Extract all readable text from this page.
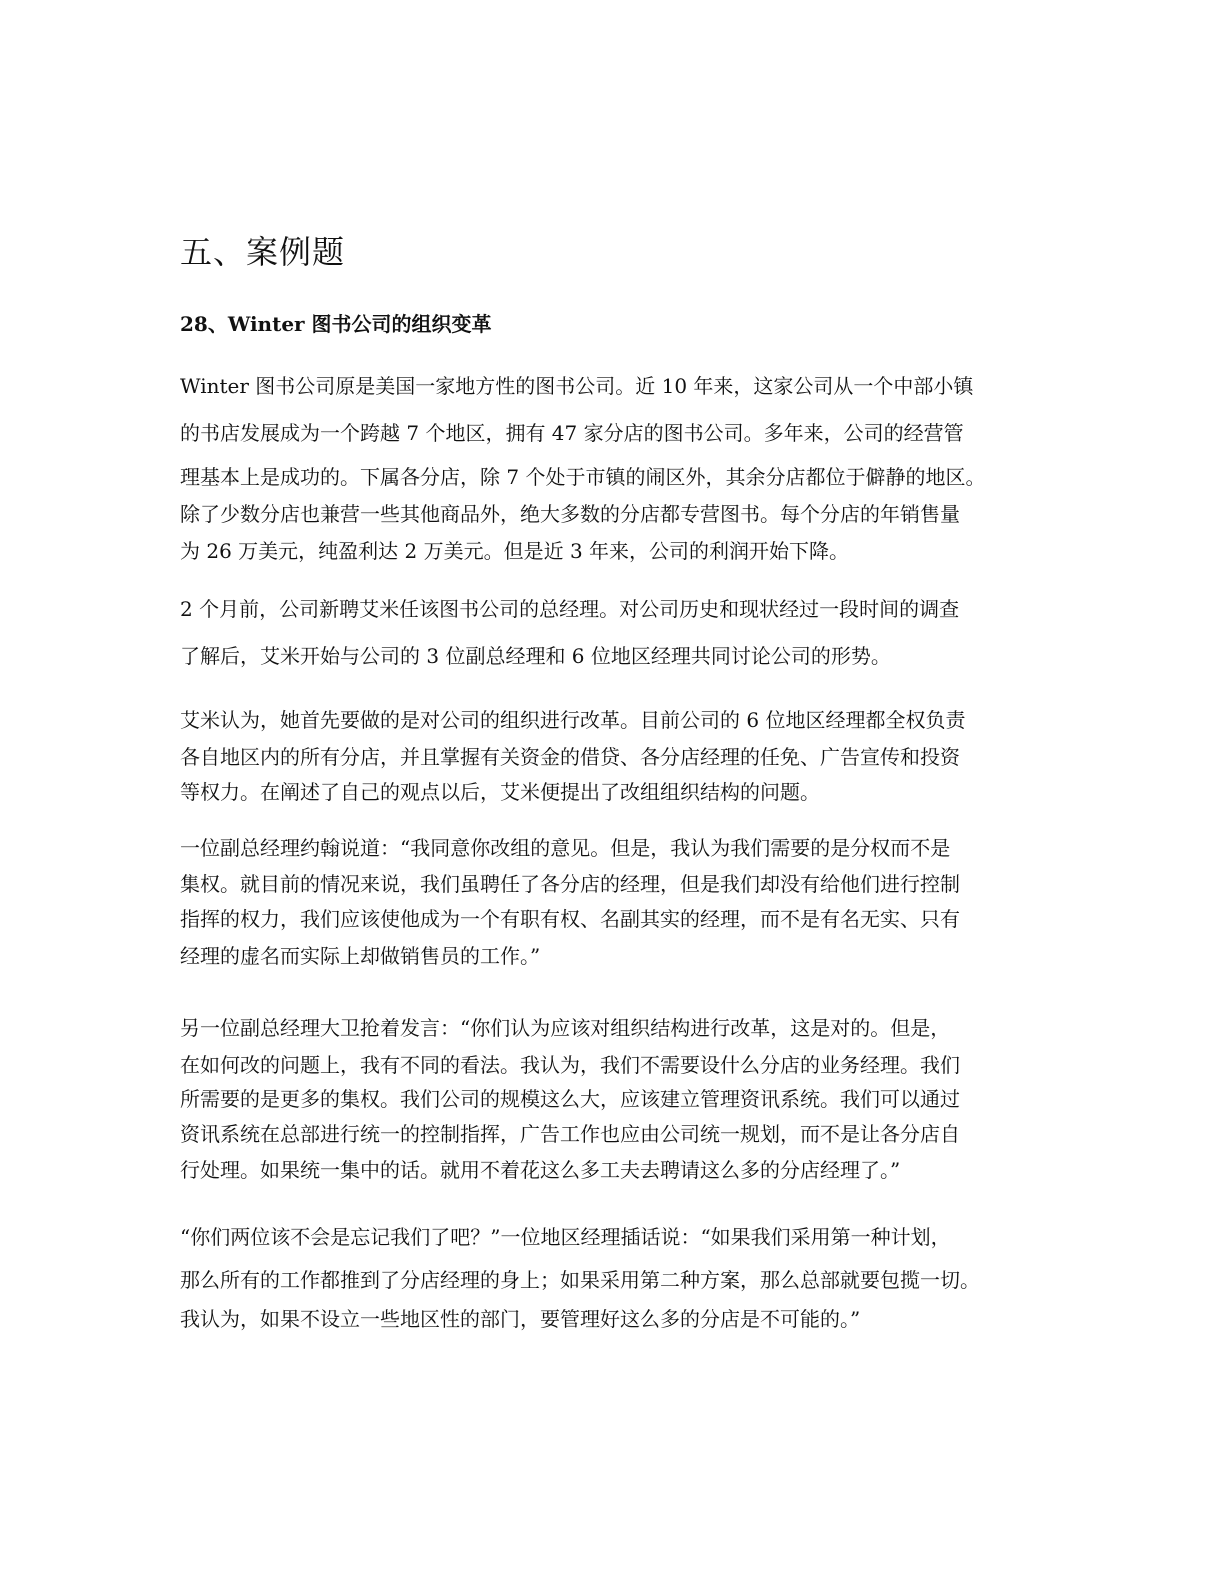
五、案例题
28、Winter 图书公司的组织变革

Winter 图书公司原是美国一家地方性的图书公司。近 10 年来，这家公司从一个中部小镇

的书店发展成为一个跨越 7 个地区，拥有 47 家分店的图书公司。多年来，公司的经营管

理基本上是成功的。下属各分店，除 7 个处于市镇的闹区外，其余分店都位于僻静的地区。

除了少数分店也兼营一些其他商品外，绝大多数的分店都专营图书。每个分店的年销售量

为 26 万美元，纯盈利达 2 万美元。但是近 3 年来，公司的利润开始下降。

2 个月前，公司新聘艾米任该图书公司的总经理。对公司历史和现状经过一段时间的调查

了解后，艾米开始与公司的 3 位副总经理和 6 位地区经理共同讨论公司的形势。

艾米认为，她首先要做的是对公司的组织进行改革。目前公司的 6 位地区经理都全权负责

各自地区内的所有分店，并且掌握有关资金的借贷、各分店经理的任免、广告宣传和投资

等权力。在阐述了自己的观点以后，艾米便提出了改组组织结构的问题。

一位副总经理约翰说道：“我同意你改组的意见。但是，我认为我们需要的是分权而不是

集权。就目前的情况来说，我们虽聘任了各分店的经理，但是我们却没有给他们进行控制

指挥的权力，我们应该使他成为一个有职有权、名副其实的经理，而不是有名无实、只有

经理的虚名而实际上却做销售员的工作。”

另一位副总经理大卫抢着发言：“你们认为应该对组织结构进行改革，这是对的。但是，

在如何改的问题上，我有不同的看法。我认为，我们不需要设什么分店的业务经理。我们

所需要的是更多的集权。我们公司的规模这么大，应该建立管理资讯系统。我们可以通过

资讯系统在总部进行统一的控制指挥，广告工作也应由公司统一规划，而不是让各分店自

行处理。如果统一集中的话。就用不着花这么多工夫去聘请这么多的分店经理了。”

“你们两位该不会是忘记我们了吧？”一位地区经理插话说：“如果我们采用第一种计划，

那么所有的工作都推到了分店经理的身上；如果采用第二种方案，那么总部就要包揽一切。

我认为，如果不设立一些地区性的部门，要管理好这么多的分店是不可能的。”
